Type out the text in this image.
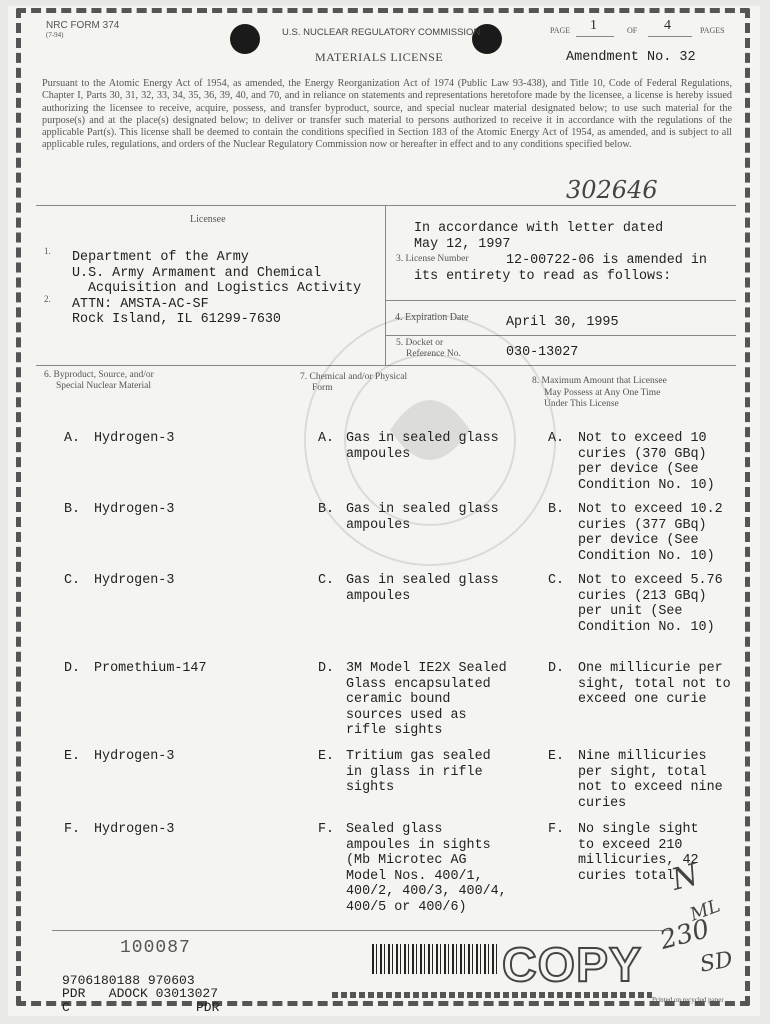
NRC FORM 374
(7-94)	U.S. NUCLEAR REGULATORY COMMISSION
MATERIALS LICENSE
PAGE 1	OF 4	PAGES
Amendment No. 32
Pursuant to the Atomic Energy Act of 1954, as amended, the Energy Reorganization Act of 1974 (Public Law 93-438), and Title 10, Code of Federal Regulations, Chapter I, Parts 30, 31, 32, 33, 34, 35, 36, 39, 40, and 70, and in reliance on statements and representations heretofore made by the licensee, a license is hereby issued authorizing the licensee to receive, acquire, possess, and transfer byproduct, source, and special nuclear material designated below; to use such material for the purpose(s) and at the place(s) designated below; to deliver or transfer such material to persons authorized to receive it in accordance with the regulations of the applicable Part(s). This license shall be deemed to contain the conditions specified in Section 183 of the Atomic Energy Act of 1954, as amended, and is subject to all applicable rules, regulations, and orders of the Nuclear Regulatory Commission now or hereafter in effect and to any conditions specified below.
302646
Licensee
1. Department of the Army
U.S. Army Armament and Chemical
Acquisition and Logistics Activity
ATTN: AMSTA-AC-SF
Rock Island, IL 61299-7630
2.
In accordance with letter dated
May 12, 1997
3. License Number	12-00722-06 is amended in
its entirety to read as follows:
4. Expiration Date	April 30, 1995
5. Docket or
Reference No.	030-13027
6. Byproduct, Source, and/or
Special Nuclear Material
7. Chemical and/or Physical
Form
8. Maximum Amount that Licensee
May Possess at Any One Time
Under This License
A. Hydrogen-3	A. Gas in sealed glass
ampoules
A. Not to exceed 10
curies (370 GBq)
per device (See
Condition No. 10)
B. Hydrogen-3	B. Gas in sealed glass
ampoules
B. Not to exceed 10.2
curies (377 GBq)
per device (See
Condition No. 10)
C. Hydrogen-3	C. Gas in sealed glass
ampoules
C. Not to exceed 5.76
curies (213 GBq)
per unit (See
Condition No. 10)
D. Promethium-147	D. 3M Model IE2X Sealed
Glass encapsulated
ceramic bound
sources used as
rifle sights
D. One millicurie per
sight, total not to
exceed one curie
E. Hydrogen-3	E. Tritium gas sealed
in glass in rifle
sights
E. Nine millicuries
per sight, total
not to exceed nine
curies
F. Hydrogen-3	F. Sealed glass
ampoules in sights
(Mb Microtec AG
Model Nos. 400/1,
400/2, 400/3, 400/4,
400/5 or 400/6)
F. No single sight
to exceed 210
millicuries, 42
curies total
100087
9706180188 970603
PDR   ADOCK 03013027
C	PDR
COPY
Printed on recycled paper
N
ML
230
SD
